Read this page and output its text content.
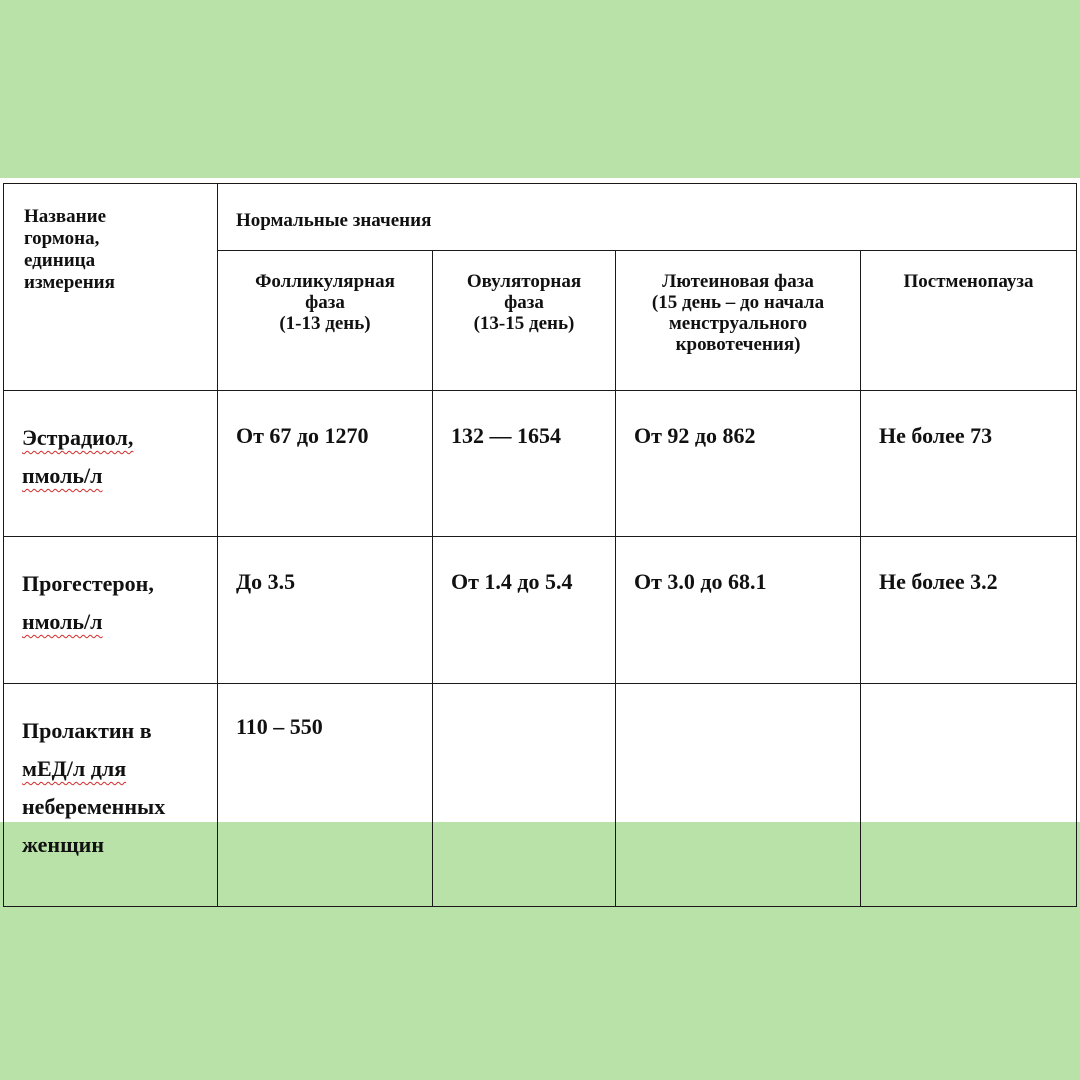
Название
гормона,
единица
измерения	Нормальные значения			

	Фолликулярная
фаза
(1-13 день)	Овуляторная
фаза
(13-15 день)	Лютеиновая фаза
(15 день – до начала
менструального
кровотечения)	Постменопауза

Эстрадиол,
пмоль/л	От 67 до 1270	132 — 1654	От 92 до 862	Не более 73

Прогестерон,
нмоль/л	До 3.5	От 1.4 до 5.4	От 3.0 до 68.1	Не более 3.2

Пролактин в
мЕД/л для
небеременных
женщин	110 – 550			
